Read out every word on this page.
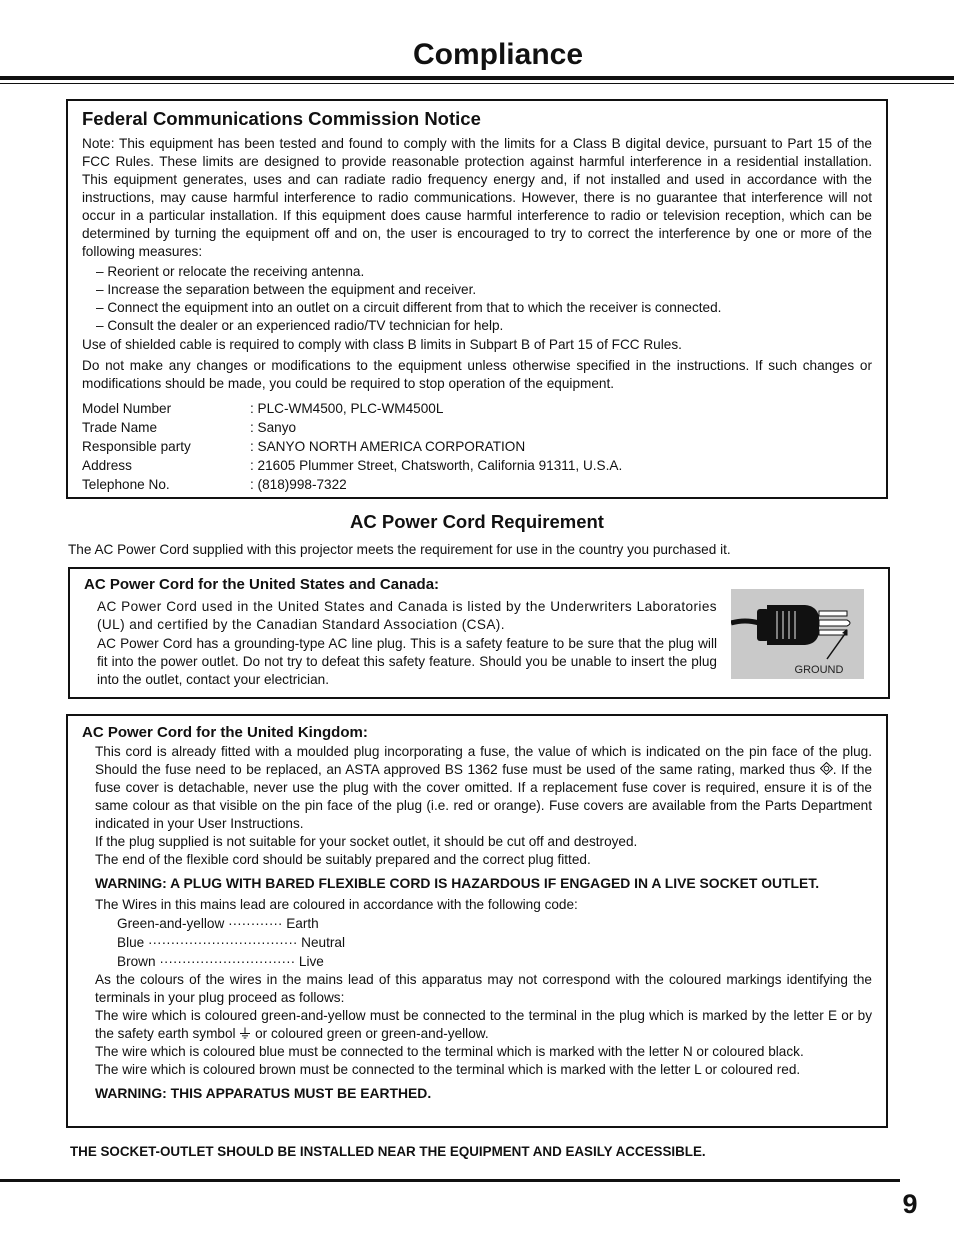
Compliance
Federal Communications Commission Notice

Note: This equipment has been tested and found to comply with the limits for a Class B digital device, pursuant to Part 15 of the FCC Rules. These limits are designed to provide reasonable protection against harmful interference in a residential installation. This equipment generates, uses and can radiate radio frequency energy and, if not installed and used in accordance with the instructions, may cause harmful interference to radio communications. However, there is no guarantee that interference will not occur in a particular installation. If this equipment does cause harmful interference to radio or television reception, which can be determined by turning the equipment off and on, the user is encouraged to try to correct the interference by one or more of the following measures:

– Reorient or relocate the receiving antenna.
– Increase the separation between the equipment and receiver.
– Connect the equipment into an outlet on a circuit different from that to which the receiver is connected.
– Consult the dealer or an experienced radio/TV technician for help.

Use of shielded cable is required to comply with class B limits in Subpart B of Part 15 of FCC Rules.

Do not make any changes or modifications to the equipment unless otherwise specified in the instructions. If such changes or modifications should be made, you could be required to stop operation of the equipment.

Model Number	: PLC-WM4500, PLC-WM4500L
Trade Name	: Sanyo
Responsible party	: SANYO NORTH AMERICA CORPORATION
Address	: 21605 Plummer Street, Chatsworth, California 91311, U.S.A.
Telephone No.	: (818)998-7322
AC Power Cord Requirement
The AC Power Cord supplied with this projector meets the requirement for use in the country you purchased it.
AC Power Cord for the United States and Canada:

AC Power Cord used in the United States and Canada is listed by the Underwriters Laboratories (UL) and certified by the Canadian Standard Association (CSA).

AC Power Cord has a grounding-type AC line plug. This is a safety feature to be sure that the plug will fit into the power outlet. Do not try to defeat this safety feature. Should you be unable to insert the plug into the outlet, contact your electrician.

GROUND
AC Power Cord for the United Kingdom:

This cord is already fitted with a moulded plug incorporating a fuse, the value of which is indicated on the pin face of the plug. Should the fuse need to be replaced, an ASTA approved BS 1362 fuse must be used of the same rating, marked thus . If the fuse cover is detachable, never use the plug with the cover omitted. If a replacement fuse cover is required, ensure it is of the same colour as that visible on the pin face of the plug (i.e. red or orange). Fuse covers are available from the Parts Department indicated in your User Instructions.

If the plug supplied is not suitable for your socket outlet, it should be cut off and destroyed.

The end of the flexible cord should be suitably prepared and the correct plug fitted.

WARNING: A PLUG WITH BARED FLEXIBLE CORD IS HAZARDOUS IF ENGAGED IN A LIVE SOCKET OUTLET.

The Wires in this mains lead are coloured in accordance with the following code:

Green-and-yellow ············ Earth
Blue ································· Neutral
Brown ······························ Live

As the colours of the wires in the mains lead of this apparatus may not correspond with the coloured markings identifying the terminals in your plug proceed as follows:

The wire which is coloured green-and-yellow must be connected to the terminal in the plug which is marked by the letter E or by the safety earth symbol or coloured green or green-and-yellow.

The wire which is coloured blue must be connected to the terminal which is marked with the letter N or coloured black.

The wire which is coloured brown must be connected to the terminal which is marked with the letter L or coloured red.

WARNING: THIS APPARATUS MUST BE EARTHED.

THE SOCKET-OUTLET SHOULD BE INSTALLED NEAR THE EQUIPMENT AND EASILY ACCESSIBLE.
9
